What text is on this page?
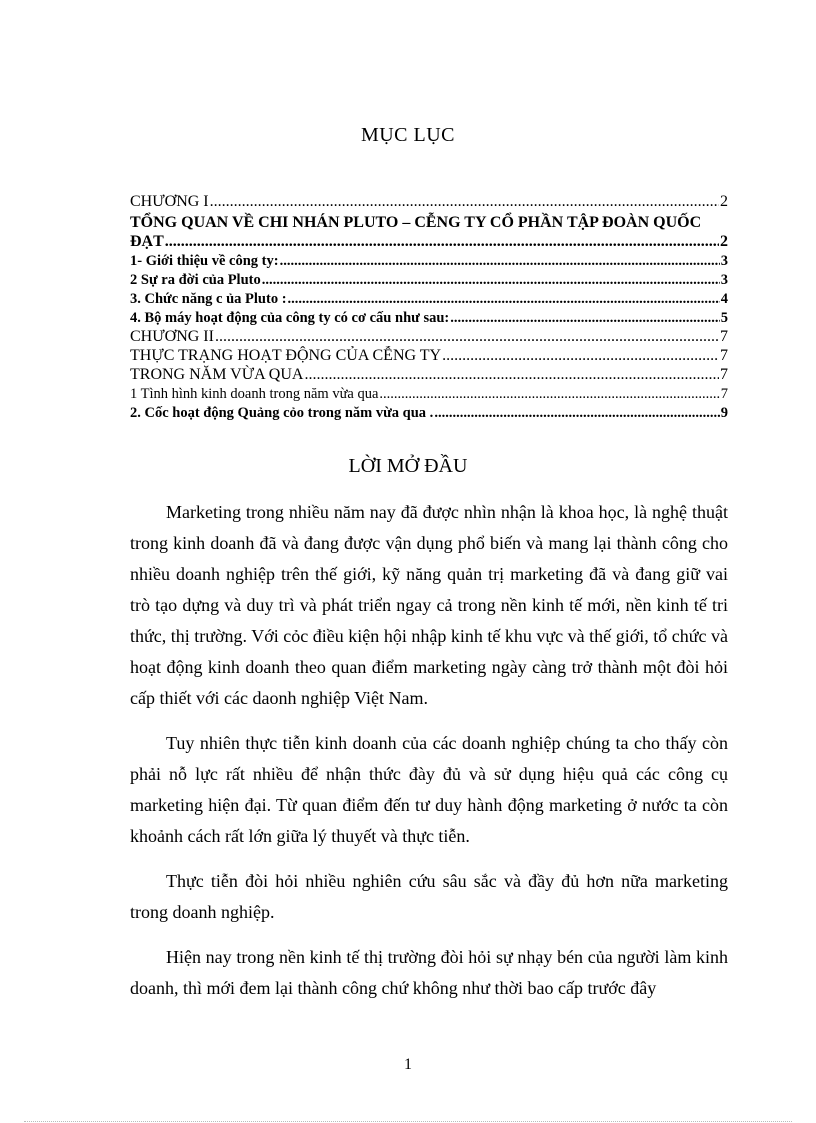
MỤC LỤC
CHƯƠNG I .....	2
TỔNG QUAN VỀ CHI NHÁN PLUTO – CỄNG TY CỔ PHẦN TẬP ĐOÀN QUỐC
ĐẠT .....	2
1- Giới thiệu về công ty: .....	3
2 Sự ra đời của Pluto .....	3
3. Chức năng c ủa Pluto : .....	4
4. Bộ máy hoạt động của công ty có cơ cấu như sau: .....	5
CHƯƠNG II .....	7
THỰC TRẠNG HOẠT ĐỘNG CỦA CỄNG TY .....	7
TRONG NĂM VỪA QUA .....	7
1 Tình hình kinh doanh trong năm vừa qua .....	7
2. Cốc hoạt động Quảng cỏo trong năm vừa qua . .....	9
LỜI MỞ ĐẦU

Marketing trong nhiều năm nay đã được nhìn nhận là khoa học, là nghệ thuật trong kinh doanh đã và đang được vận dụng phổ biến và mang lại thành công cho nhiều doanh nghiệp trên thế giới, kỹ năng quản trị marketing đã và đang giữ vai trò tạo dựng và duy trì và phát triển ngay cả trong nền kinh tế mới, nền kinh tế tri thức, thị trường. Với cỏc điều kiện hội nhập kinh tế khu vực và thế giới, tổ chức và hoạt động kinh doanh theo quan điểm marketing ngày càng trở thành một đòi hỏi cấp thiết với các daonh nghiệp Việt Nam.

Tuy nhiên thực tiễn kinh doanh của các doanh nghiệp chúng ta cho thấy còn phải nỗ lực rất nhiều để nhận thức đày đủ và sử dụng hiệu quả các công cụ marketing hiện đại. Từ quan điểm đến tư duy hành động marketing ở nước ta còn khoảnh cách rất lớn giữa lý thuyết và thực tiễn.

Thực tiễn đòi hỏi nhiều nghiên cứu sâu sắc và đầy đủ hơn nữa marketing trong doanh nghiệp.

Hiện nay trong nền kinh tế thị trường đòi hỏi sự nhạy bén của người làm kinh doanh, thì mới đem lại thành công chứ không như thời bao cấp trước đây

1
